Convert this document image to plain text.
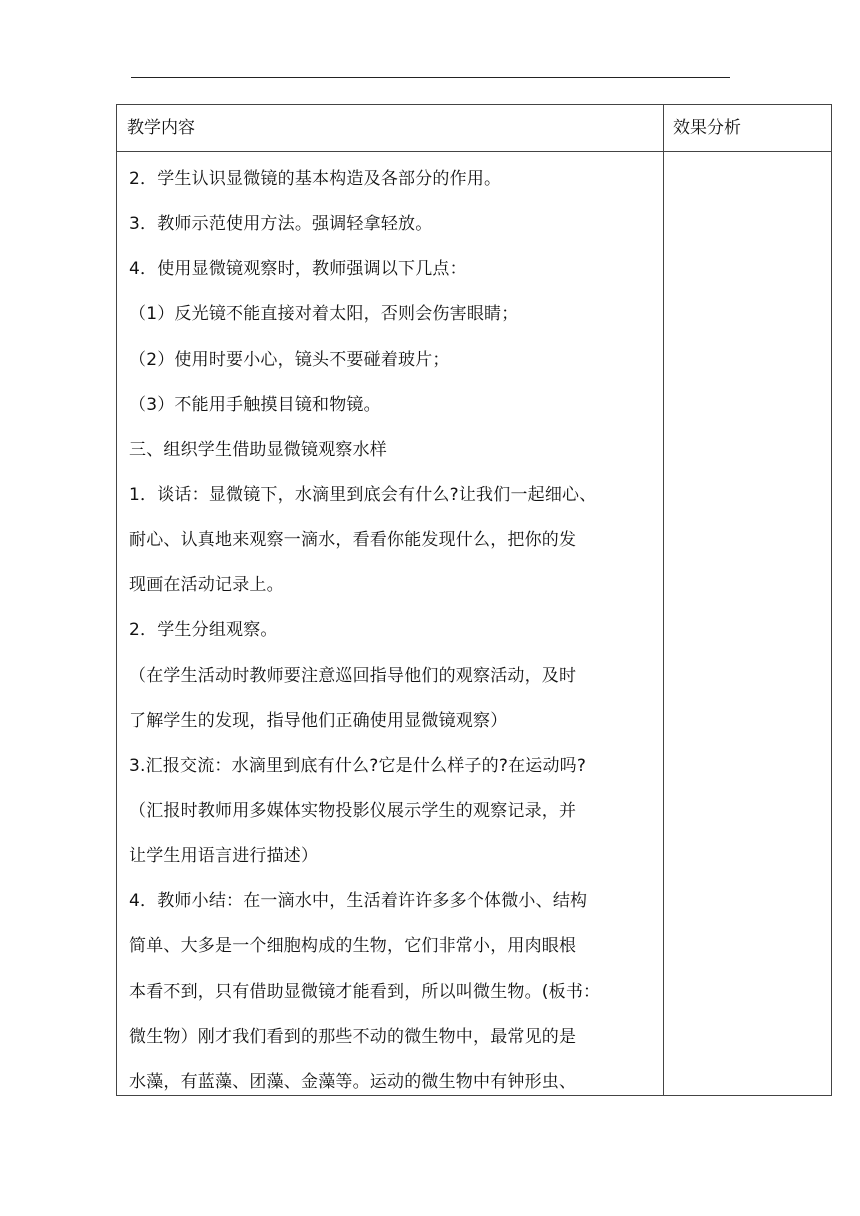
教学内容	效果分析
2．学生认识显微镜的基本构造及各部分的作用。
3．教师示范使用方法。强调轻拿轻放。
4．使用显微镜观察时，教师强调以下几点：
（1）反光镜不能直接对着太阳，否则会伤害眼睛；
（2）使用时要小心，镜头不要碰着玻片；
（3）不能用手触摸目镜和物镜。
三、组织学生借助显微镜观察水样
1．谈话：显微镜下，水滴里到底会有什么?让我们一起细心、
耐心、认真地来观察一滴水，看看你能发现什么，把你的发
现画在活动记录上。
2．学生分组观察。
（在学生活动时教师要注意巡回指导他们的观察活动，及时
了解学生的发现，指导他们正确使用显微镜观察）
3.汇报交流：水滴里到底有什么?它是什么样子的?在运动吗?
（汇报时教师用多媒体实物投影仪展示学生的观察记录，并
让学生用语言进行描述）
4．教师小结：在一滴水中，生活着许许多多个体微小、结构
简单、大多是一个细胞构成的生物，它们非常小，用肉眼根
本看不到，只有借助显微镜才能看到，所以叫微生物。(板书：
微生物）刚才我们看到的那些不动的微生物中，最常见的是
水藻，有蓝藻、团藻、金藻等。运动的微生物中有钟形虫、
